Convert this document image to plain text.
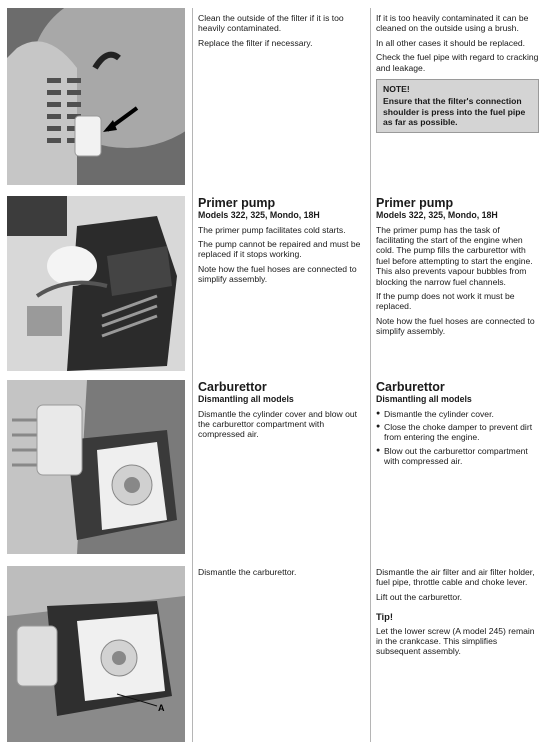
A

Clean the outside of the filter if it is too heavily contaminated.

Replace the filter if necessary.

If it is too heavily contaminated it can be cleaned on the outside using a brush.

In all other cases it should be replaced.

Check the fuel pipe with regard to cracking and leakage.

NOTE!
Ensure that the filter's connection shoulder is press into the fuel pipe as far as possible.
Primer pump
Models 322, 325, Mondo, 18H

The primer pump facilitates cold starts.

The pump cannot be repaired and must be replaced if it stops working.

Note how the fuel hoses are connected to simplify assembly.

Primer pump
Models 322, 325, Mondo, 18H

The primer pump has the task of facilitating the start of the engine when cold. The pump fills the carburettor with fuel before attempting to start the engine. This also prevents vapour bubbles from blocking the narrow fuel channels.

If the pump does not work it must be replaced.

Note how the fuel hoses are connected to simplify assembly.

Carburettor
Dismantling all models

Dismantle the cylinder cover and blow out the carburettor compartment with compressed air.

Carburettor
Dismantling all models
● Dismantle the cylinder cover.
● Close the choke damper to prevent dirt from entering the engine.
● Blow out the carburettor compartment with compressed air.

Dismantle the carburettor.	Dismantle the air filter and air filter holder, fuel pipe, throttle cable and choke lever.

Lift out the carburettor.

Tip!

Let the lower screw (A model 245) remain in the crankcase. This simplifies subsequent assembly.
